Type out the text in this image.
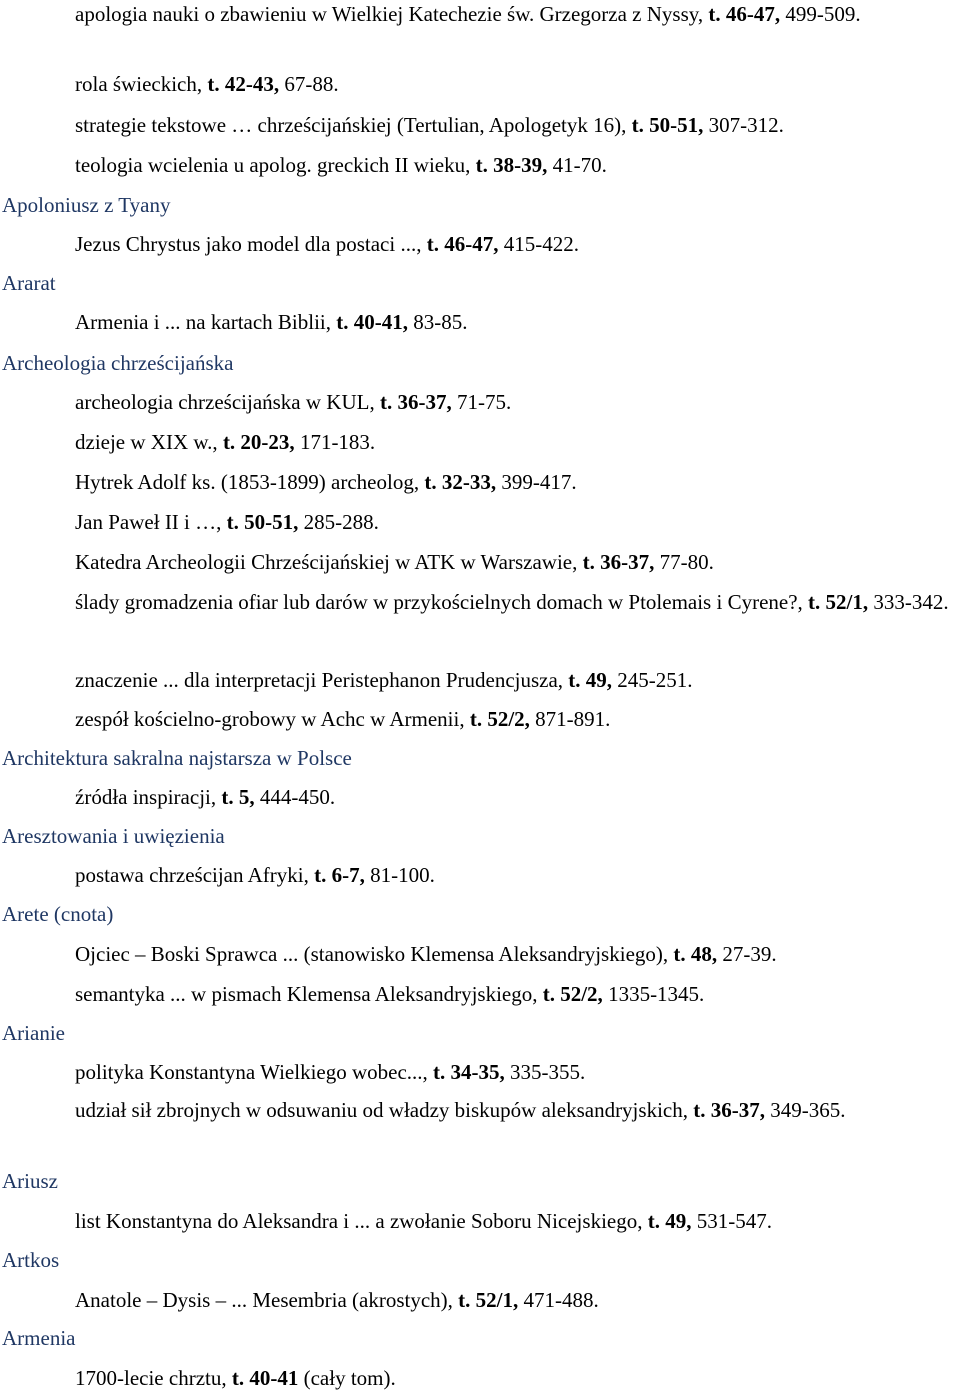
apologia nauki o zbawieniu w Wielkiej Katechezie św. Grzegorza z Nyssy, t. 46-47, 499-509.

rola świeckich, t. 42-43, 67-88.

strategie tekstowe … chrześcijańskiej (Tertulian, Apologetyk 16), t. 50-51, 307-312.

teologia wcielenia u apolog. greckich II wieku, t. 38-39, 41-70.

Apoloniusz z Tyany

Jezus Chrystus jako model dla postaci ..., t. 46-47, 415-422.

Ararat

Armenia i ... na kartach Biblii, t. 40-41, 83-85.

Archeologia chrześcijańska

archeologia chrześcijańska w KUL, t. 36-37, 71-75.

dzieje w XIX w., t. 20-23, 171-183.

Hytrek Adolf ks. (1853-1899) archeolog, t. 32-33, 399-417.

Jan Paweł II i …, t. 50-51, 285-288.

Katedra Archeologii Chrześcijańskiej w ATK w Warszawie, t. 36-37, 77-80.

ślady gromadzenia ofiar lub darów w przykościelnych domach w Ptolemais i Cyrene?, t. 52/1, 333-342.

znaczenie ... dla interpretacji Peristephanon Prudencjusza, t. 49, 245-251.

zespół kościelno-grobowy w Achc w Armenii, t. 52/2, 871-891.

Architektura sakralna najstarsza w Polsce

źródła inspiracji, t. 5, 444-450.

Aresztowania i uwięzienia

postawa chrześcijan Afryki, t. 6-7, 81-100.

Arete (cnota)

Ojciec – Boski Sprawca ... (stanowisko Klemensa Aleksandryjskiego), t. 48, 27-39.

semantyka ... w pismach Klemensa Aleksandryjskiego, t. 52/2, 1335-1345.

Arianie

polityka Konstantyna Wielkiego wobec..., t. 34-35, 335-355.

udział sił zbrojnych w odsuwaniu od władzy biskupów aleksandryjskich, t. 36-37, 349-365.

Ariusz

list Konstantyna do Aleksandra i ... a zwołanie Soboru Nicejskiego, t. 49, 531-547.

Artkos

Anatole – Dysis – ... Mesembria (akrostych), t. 52/1, 471-488.

Armenia

1700-lecie chrztu, t. 40-41 (cały tom).
